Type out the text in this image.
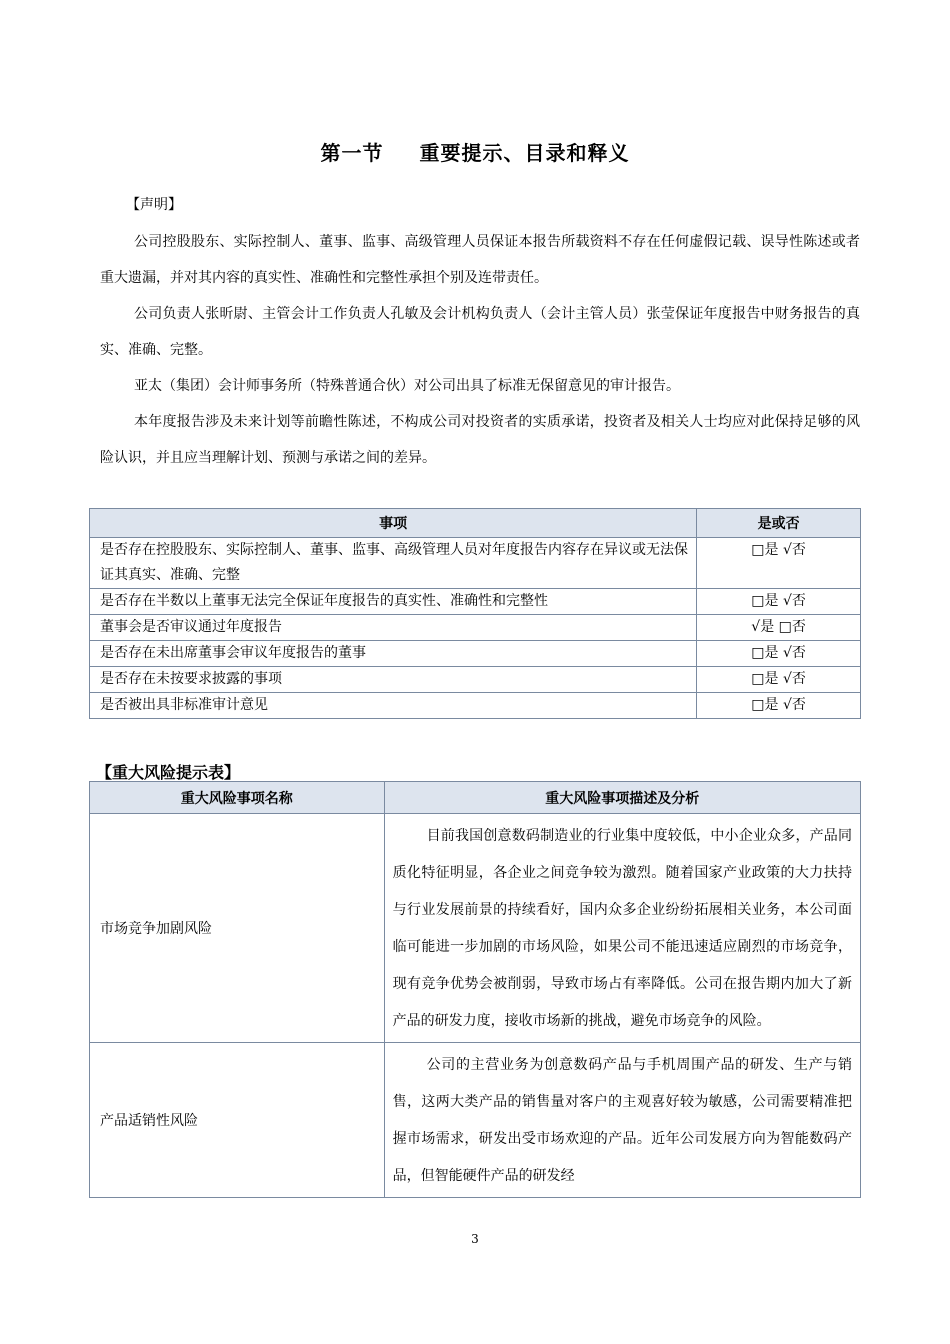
第一节 重要提示、目录和释义
【声明】

公司控股股东、实际控制人、董事、监事、高级管理人员保证本报告所载资料不存在任何虚假记载、误导性陈述或者重大遗漏，并对其内容的真实性、准确性和完整性承担个别及连带责任。

公司负责人张昕尉、主管会计工作负责人孔敏及会计机构负责人（会计主管人员）张莹保证年度报告中财务报告的真实、准确、完整。

亚太（集团）会计师事务所（特殊普通合伙）对公司出具了标准无保留意见的审计报告。

本年度报告涉及未来计划等前瞻性陈述，不构成公司对投资者的实质承诺，投资者及相关人士均应对此保持足够的风险认识，并且应当理解计划、预测与承诺之间的差异。

事项	是或否
是否存在控股股东、实际控制人、董事、监事、高级管理人员对年度报告内容存在异议或无法保证其真实、准确、完整	□是 √否
是否存在半数以上董事无法完全保证年度报告的真实性、准确性和完整性	□是 √否
董事会是否审议通过年度报告	√是 □否
是否存在未出席董事会审议年度报告的董事	□是 √否
是否存在未按要求披露的事项	□是 √否
是否被出具非标准审计意见	□是 √否
【重大风险提示表】
重大风险事项名称	重大风险事项描述及分析
市场竞争加剧风险	目前我国创意数码制造业的行业集中度较低，中小企业众多，产品同质化特征明显，各企业之间竞争较为激烈。随着国家产业政策的大力扶持与行业发展前景的持续看好，国内众多企业纷纷拓展相关业务，本公司面临可能进一步加剧的市场风险，如果公司不能迅速适应剧烈的市场竞争，现有竞争优势会被削弱，导致市场占有率降低。公司在报告期内加大了新产品的研发力度，接收市场新的挑战，避免市场竞争的风险。
产品适销性风险	公司的主营业务为创意数码产品与手机周围产品的研发、生产与销售，这两大类产品的销售量对客户的主观喜好较为敏感，公司需要精准把握市场需求，研发出受市场欢迎的产品。近年公司发展方向为智能数码产品，但智能硬件产品的研发经
3
